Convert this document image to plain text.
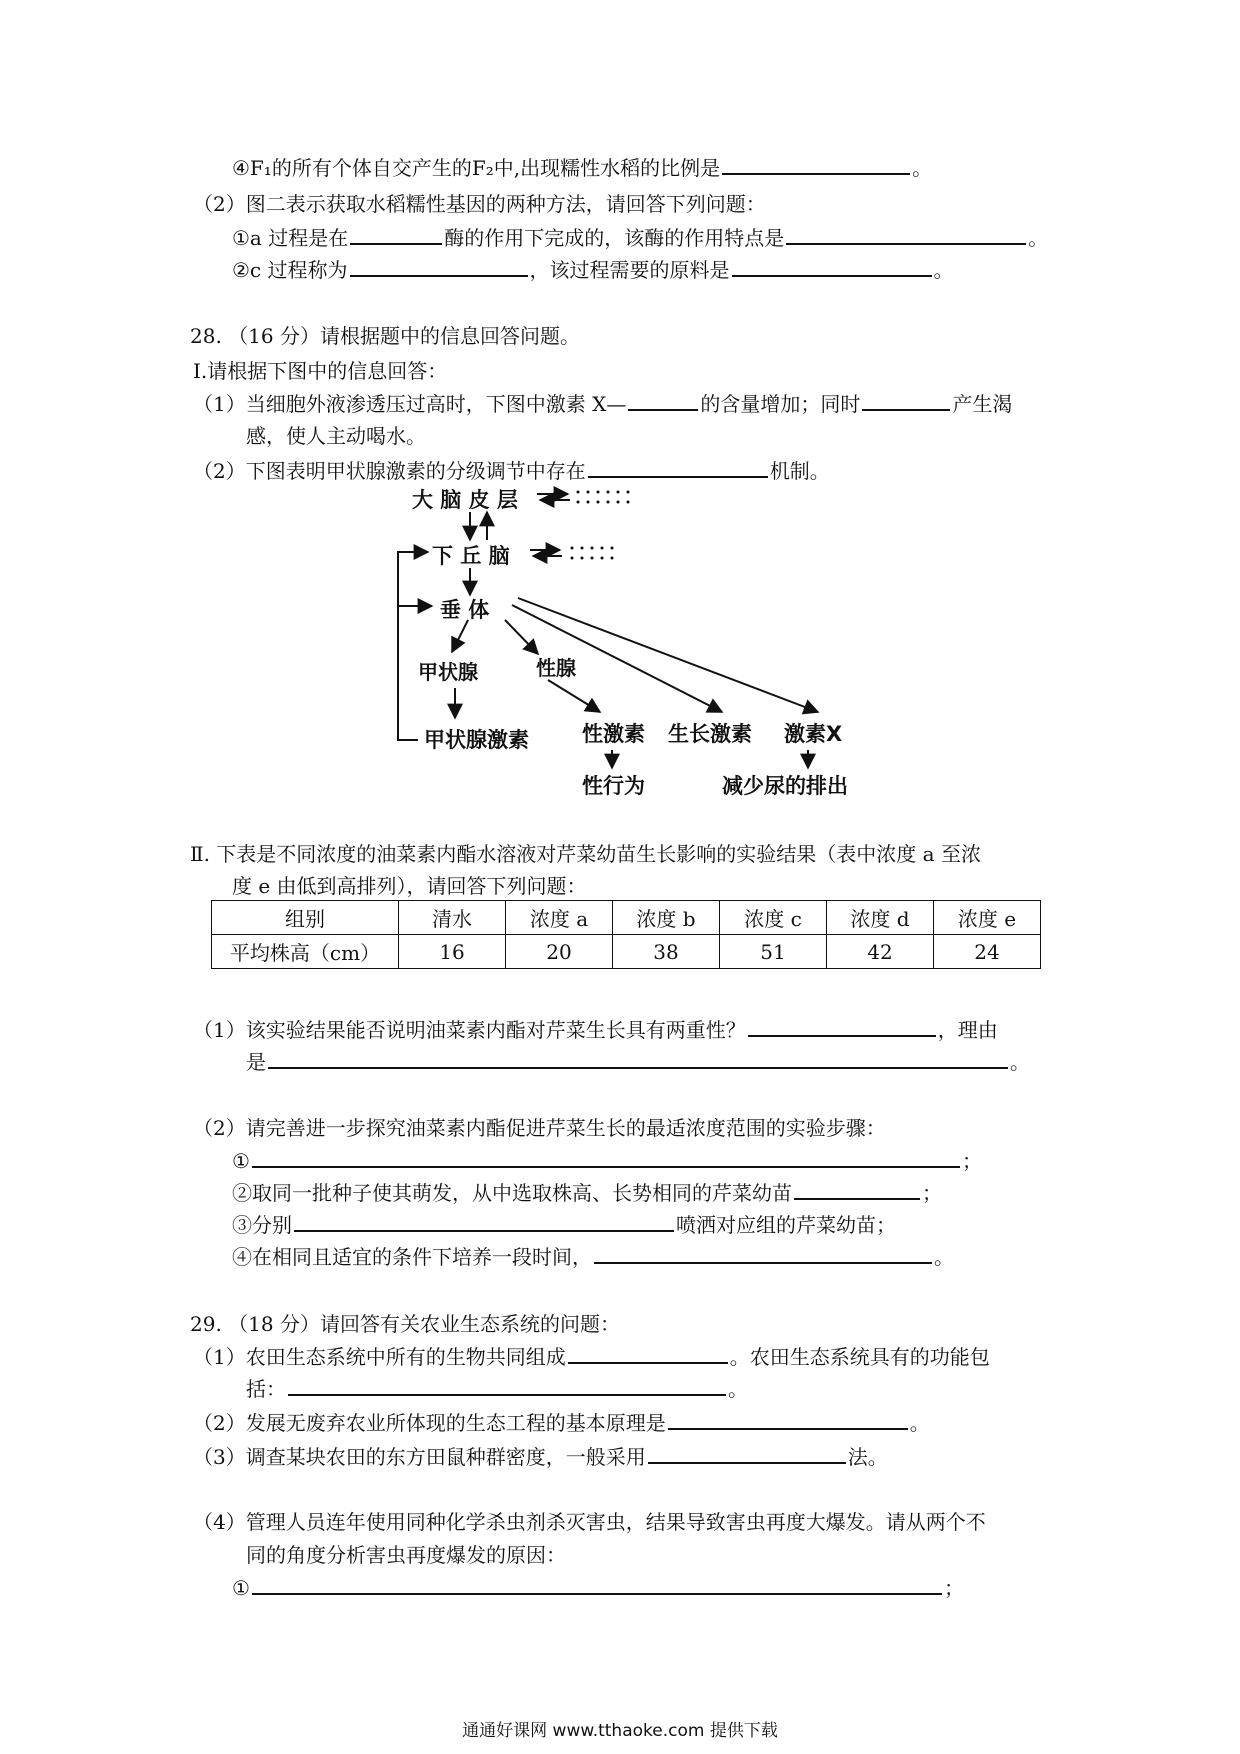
④F₁的所有个体自交产生的F₂中,出现糯性水稻的比例是	。
（2）图二表示获取水稻糯性基因的两种方法，请回答下列问题：
①a 过程是在	酶的作用下完成的，该酶的作用特点是	。
②c 过程称为	，该过程需要的原料是	。
28. （16 分）请根据题中的信息回答问题。
Ⅰ.请根据下图中的信息回答：
（1）当细胞外液渗透压过高时，下图中激素 X—	的含量增加；同时	产生渴
感，使人主动喝水。
（2）下图表明甲状腺激素的分级调节中存在	机制。
大 脑 皮 层
下 丘 脑
垂 体
甲状腺	性腺
甲状腺激素	性激素 生长激素 激素X
性行为	减少尿的排出
Ⅱ. 下表是不同浓度的油菜素内酯水溶液对芹菜幼苗生长影响的实验结果（表中浓度 a 至浓
度 e 由低到高排列），请回答下列问题：
组别	清水	浓度 a	浓度 b	浓度 c	浓度 d	浓度 e
平均株高（cm）	16	20	38	51	42	24
（1）该实验结果能否说明油菜素内酯对芹菜生长具有两重性？	，理由
是	。
（2）请完善进一步探究油菜素内酯促进芹菜生长的最适浓度范围的实验步骤：
①	；
②取同一批种子使其萌发，从中选取株高、长势相同的芹菜幼苗	；
③分别	喷洒对应组的芹菜幼苗；
④在相同且适宜的条件下培养一段时间，	。
29. （18 分）请回答有关农业生态系统的问题：
（1）农田生态系统中所有的生物共同组成	。农田生态系统具有的功能包
括：	。
（2）发展无废弃农业所体现的生态工程的基本原理是	。
（3）调查某块农田的东方田鼠种群密度，一般采用	法。
（4）管理人员连年使用同种化学杀虫剂杀灭害虫，结果导致害虫再度大爆发。请从两个不
同的角度分析害虫再度爆发的原因：
①	；
通通好课网 www.tthaoke.com 提供下载
